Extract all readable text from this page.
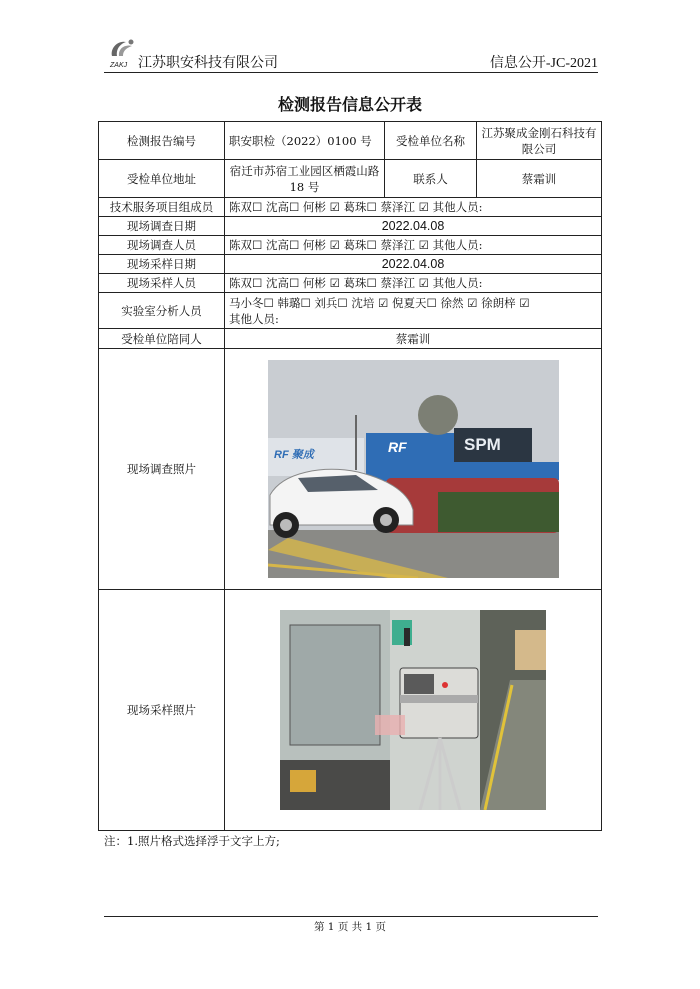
ZAKJ 江苏职安科技有限公司	信息公开-JC-2021
检测报告信息公开表
检测报告编号	职安职检（2022）0100 号	受检单位名称	江苏聚成金刚石科技有限公司
受检单位地址	宿迁市苏宿工业园区栖霞山路 18 号	联系人	蔡霜训
技术服务项目组成员	陈双☐ 沈高☐ 何彬 ☑ 葛珠☐ 蔡泽江 ☑ 其他人员:		
现场调查日期	2022.04.08		
现场调查人员	陈双☐ 沈高☐ 何彬 ☑ 葛珠☐ 蔡泽江 ☑ 其他人员:		
现场采样日期	2022.04.08		
现场采样人员	陈双☐ 沈高☐ 何彬 ☑ 葛珠☐ 蔡泽江 ☑ 其他人员:		
实验室分析人员	马小冬☐ 韩璐☐ 刘兵☐ 沈培 ☑ 倪夏天☐ 徐然 ☑ 徐朗梓 ☑
其他人员:		

受检单位陪同人	蔡霜训		
现场调查照片	SPM
RF
RF 聚成		

现场采样照片	
注：1.照片格式选择浮于文字上方;
第 1 页 共 1 页
